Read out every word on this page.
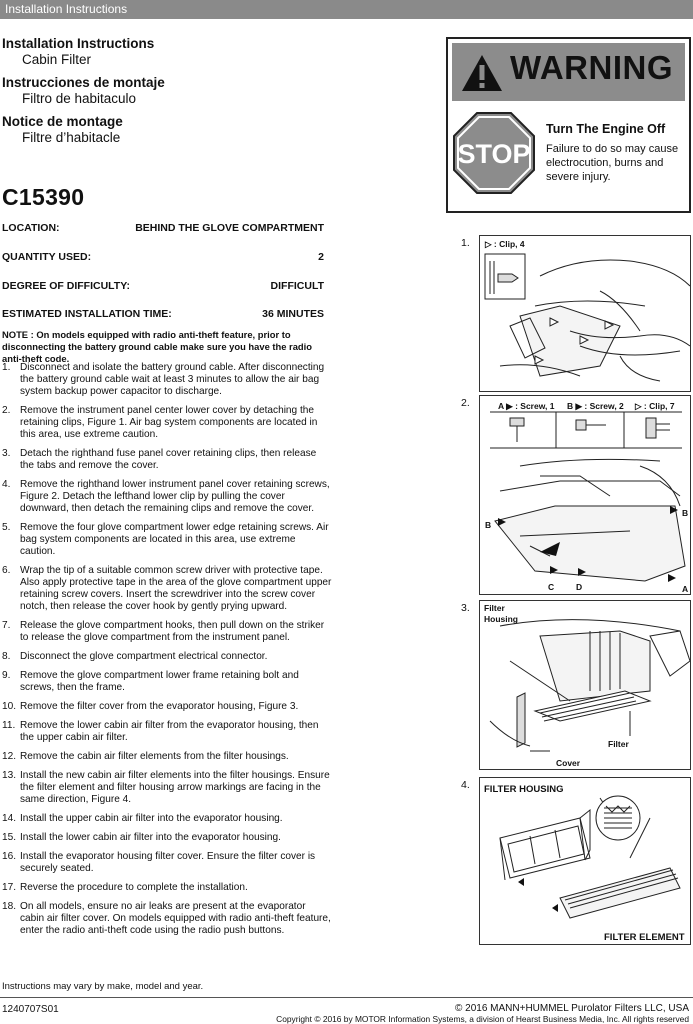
Installation Instructions
Installation Instructions
Cabin Filter
Instrucciones de montaje
Filtro de habitaculo
Notice de montage
Filtre d’habitacle
C15390
LOCATION:	BEHIND THE GLOVE COMPARTMENT
QUANTITY USED:	2
DEGREE OF DIFFICULTY:	DIFFICULT
ESTIMATED INSTALLATION TIME:	36 MINUTES
NOTE : On models equipped with radio anti-theft feature, prior to disconnecting the battery ground cable make sure you have the radio anti-theft code.
1. Disconnect and isolate the battery ground cable. After disconnecting the battery ground cable wait at least 3 minutes to allow the air bag system backup power capacitor to discharge.
2. Remove the instrument panel center lower cover by detaching the retaining clips, Figure 1. Air bag system components are located in this area, use extreme caution.
3. Detach the righthand fuse panel cover retaining clips, then release the tabs and remove the cover.
4. Remove the righthand lower instrument panel cover retaining screws, Figure 2. Detach the lefthand lower clip by pulling the cover downward, then detach the remaining clips and remove the cover.
5. Remove the four glove compartment lower edge retaining screws. Air bag system components are located in this area, use extreme caution.
6. Wrap the tip of a suitable common screw driver with protective tape. Also apply protective tape in the area of the glove compartment upper retaining screw covers. Insert the screwdriver into the screw cover notch, then release the cover hook by gently prying upward.
7. Release the glove compartment hooks, then pull down on the striker to release the glove compartment from the instrument panel.
8. Disconnect the glove compartment electrical connector.
9. Remove the glove compartment lower frame retaining bolt and screws, then the frame.
10. Remove the filter cover from the evaporator housing, Figure 3.
11. Remove the lower cabin air filter from the evaporator housing, then the upper cabin air filter.
12. Remove the cabin air filter elements from the filter housings.
13. Install the new cabin air filter elements into the filter housings. Ensure the filter element and filter housing arrow markings are facing in the same direction, Figure 4.
14. Install the upper cabin air filter into the evaporator housing.
15. Install the lower cabin air filter into the evaporator housing.
16. Install the evaporator housing filter cover. Ensure the filter cover is securely seated.
17. Reverse the procedure to complete the installation.
18. On all models, ensure no air leaks are present at the evaporator cabin air filter cover. On models equipped with radio anti-theft feature, enter the radio anti-theft code using the radio push buttons.
Instructions may vary by make, model and year.
1240707S01	© 2016 MANN+HUMMEL Purolator Filters LLC, USA
Copyright © 2016 by MOTOR Information Systems, a division of Hearst Business Media, Inc. All rights reserved
WARNING
STOP
Turn The Engine Off
Failure to do so may cause electrocution, burns and severe injury.
1. ▷ : Clip, 4
2.	A ▶ : Screw, 1 B ▶ : Screw, 2 ▷ : Clip, 7
B
B
A
C	D
3. Filter Housing
Filter
Cover
4. FILTER HOUSING
FILTER ELEMENT
